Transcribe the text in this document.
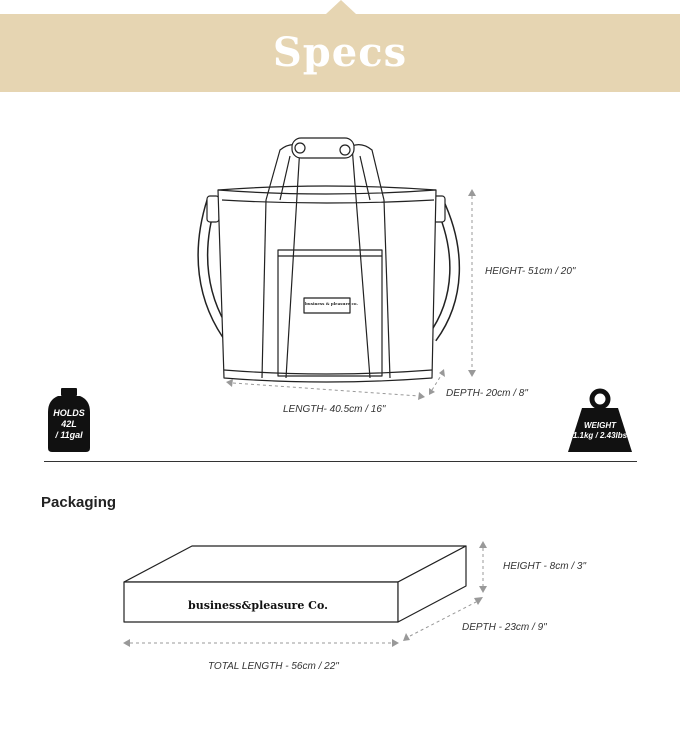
Specs
business & pleasure co.
HEIGHT- 51cm / 20"
DEPTH- 20cm / 8"
LENGTH- 40.5cm / 16"
HOLDS
42L
/ 11gal
WEIGHT
1.1kg / 2.43lbs
Packaging
business&pleasure Co.
HEIGHT - 8cm / 3"
DEPTH - 23cm / 9"
TOTAL LENGTH - 56cm / 22"
